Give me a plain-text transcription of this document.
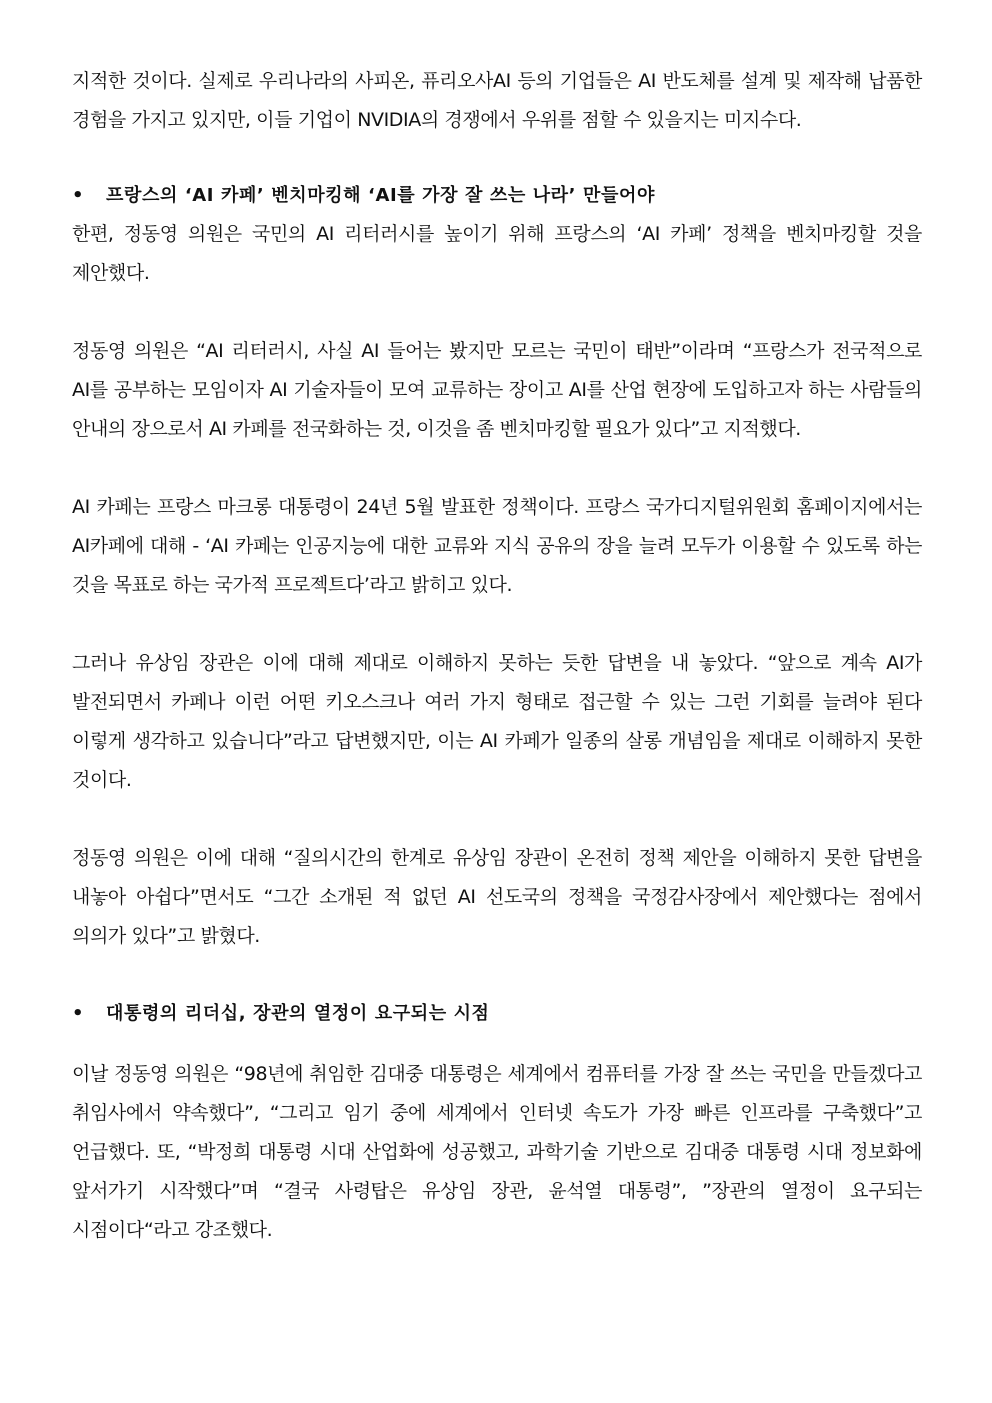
지적한 것이다. 실제로 우리나라의 사피온, 퓨리오사AI 등의 기업들은 AI 반도체를 설계 및 제작해 납품한 경험을 가지고 있지만, 이들 기업이 NVIDIA의 경쟁에서 우위를 점할 수 있을지는 미지수다.

•	프랑스의 ‘AI 카페’ 벤치마킹해 ‘AI를 가장 잘 쓰는 나라’ 만들어야

한편, 정동영 의원은 국민의 AI 리터러시를 높이기 위해 프랑스의 ‘AI 카페’ 정책을 벤치마킹할 것을 제안했다.

정동영 의원은 “AI 리터러시, 사실 AI 들어는 봤지만 모르는 국민이 태반”이라며 “프랑스가 전국적으로 AI를 공부하는 모임이자 AI 기술자들이 모여 교류하는 장이고 AI를 산업 현장에 도입하고자 하는 사람들의 안내의 장으로서 AI 카페를 전국화하는 것, 이것을 좀 벤치마킹할 필요가 있다”고 지적했다.

AI 카페는 프랑스 마크롱 대통령이 24년 5월 발표한 정책이다. 프랑스 국가디지털위원회 홈페이지에서는 AI카페에 대해 - ‘AI 카페는 인공지능에 대한 교류와 지식 공유의 장을 늘려 모두가 이용할 수 있도록 하는 것을 목표로 하는 국가적 프로젝트다’라고 밝히고 있다.

그러나 유상임 장관은 이에 대해 제대로 이해하지 못하는 듯한 답변을 내 놓았다. “앞으로 계속 AI가 발전되면서 카페나 이런 어떤 키오스크나 여러 가지 형태로 접근할 수 있는 그런 기회를 늘려야 된다 이렇게 생각하고 있습니다”라고 답변했지만, 이는 AI 카페가 일종의 살롱 개념임을 제대로 이해하지 못한 것이다.

정동영 의원은 이에 대해 “질의시간의 한계로 유상임 장관이 온전히 정책 제안을 이해하지 못한 답변을 내놓아 아쉽다”면서도 “그간 소개된 적 없던 AI 선도국의 정책을 국정감사장에서 제안했다는 점에서 의의가 있다”고 밝혔다.

•	대통령의 리더십, 장관의 열정이 요구되는 시점

이날 정동영 의원은 “98년에 취임한 김대중 대통령은 세계에서 컴퓨터를 가장 잘 쓰는 국민을 만들겠다고 취임사에서 약속했다”, “그리고 임기 중에 세계에서 인터넷 속도가 가장 빠른 인프라를 구축했다”고 언급했다. 또, “박정희 대통령 시대 산업화에 성공했고, 과학기술 기반으로 김대중 대통령 시대 정보화에 앞서가기 시작했다”며 “결국 사령탑은 유상임 장관, 윤석열 대통령”, ”장관의 열정이 요구되는 시점이다“라고 강조했다.
